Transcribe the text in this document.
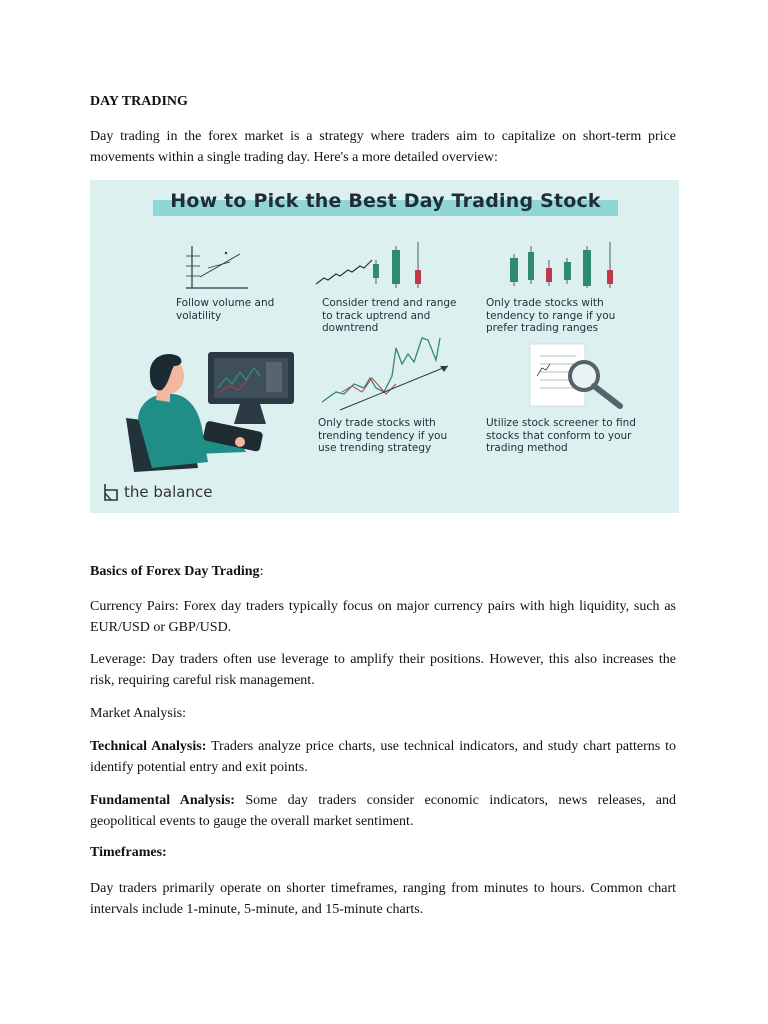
DAY TRADING

Day trading in the forex market is a strategy where traders aim to capitalize on short-term price movements within a single trading day. Here's a more detailed overview:

How to Pick the Best Day Trading Stock
Follow volume and volatility
Consider trend and range to track uptrend and downtrend
Only trade stocks with tendency to range if you prefer trading ranges
Only trade stocks with trending tendency if you use trending strategy
Utilize stock screener to find stocks that conform to your trading method
the balance
Basics of Forex Day Trading:

Currency Pairs: Forex day traders typically focus on major currency pairs with high liquidity, such as EUR/USD or GBP/USD.

Leverage: Day traders often use leverage to amplify their positions. However, this also increases the risk, requiring careful risk management.

Market Analysis:

Technical Analysis: Traders analyze price charts, use technical indicators, and study chart patterns to identify potential entry and exit points.

Fundamental Analysis: Some day traders consider economic indicators, news releases, and geopolitical events to gauge the overall market sentiment.

Timeframes:

Day traders primarily operate on shorter timeframes, ranging from minutes to hours. Common chart intervals include 1-minute, 5-minute, and 15-minute charts.
